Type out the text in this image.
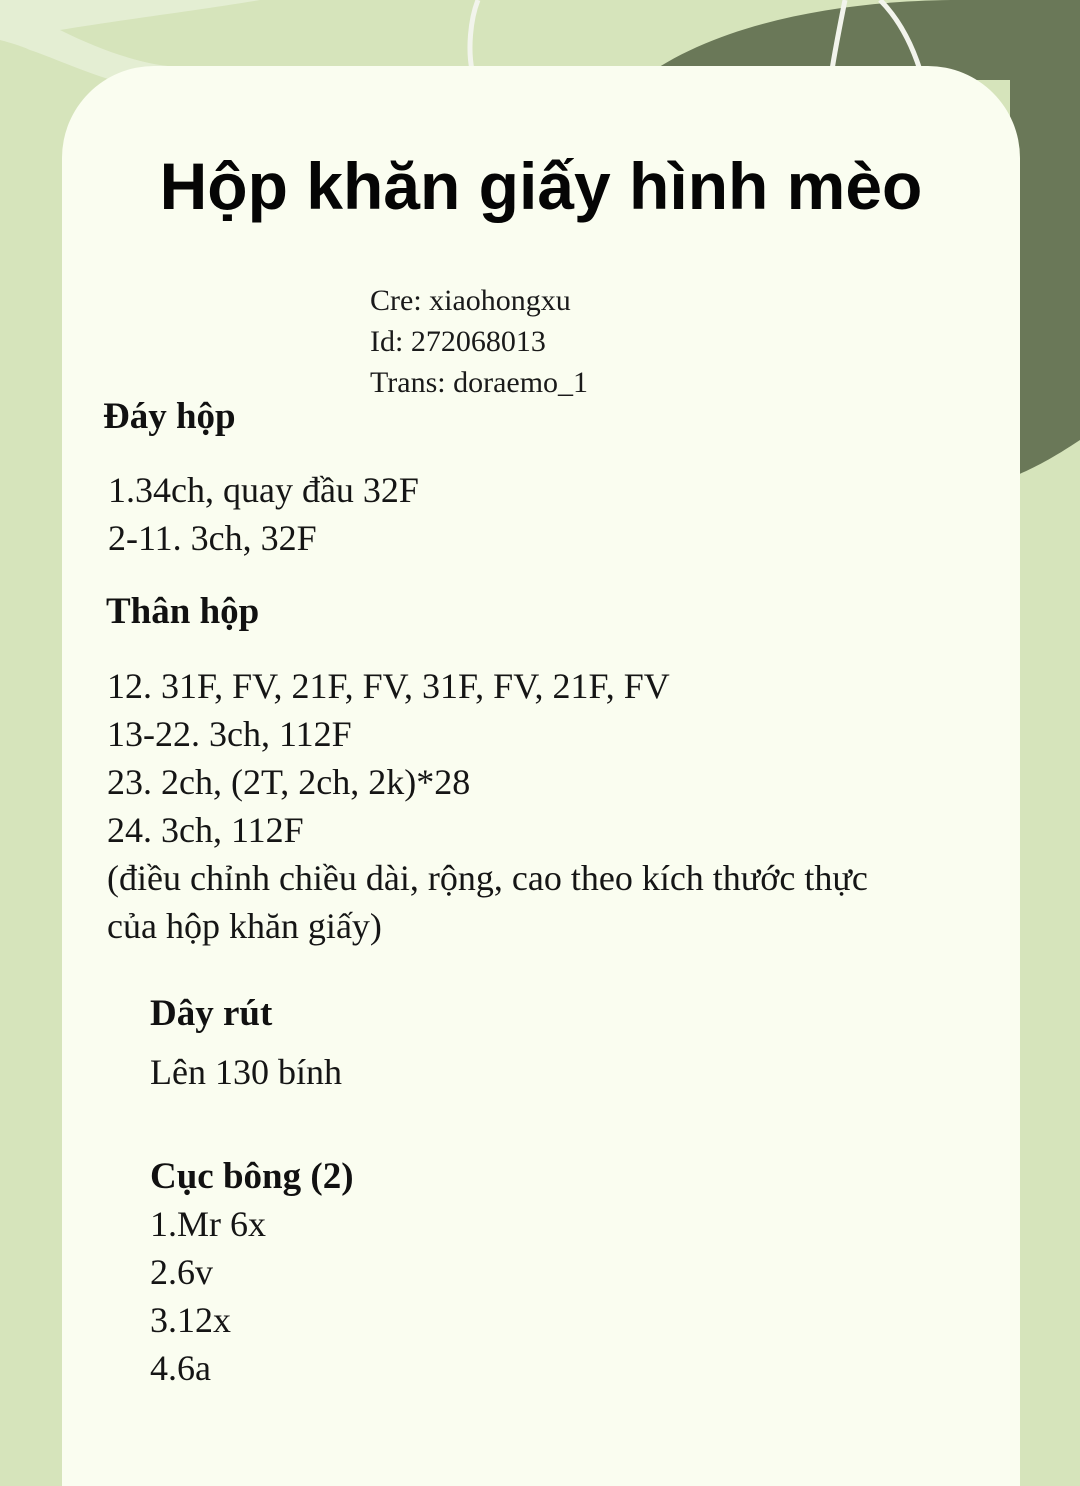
Hộp khăn giấy hình mèo
Cre: xiaohongxu
Id: 272068013
Trans: doraemo_1
Đáy hộp
1.34ch, quay đầu 32F
2-11. 3ch, 32F
Thân hộp
12. 31F, FV, 21F, FV, 31F, FV, 21F, FV
13-22. 3ch, 112F
23. 2ch, (2T, 2ch, 2k)*28
24. 3ch, 112F
(điều chỉnh chiều dài, rộng, cao theo kích thước thực
của hộp khăn giấy)
Dây rút
Lên 130 bính
Cục bông (2)
1.Mr 6x
2.6v
3.12x
4.6a
